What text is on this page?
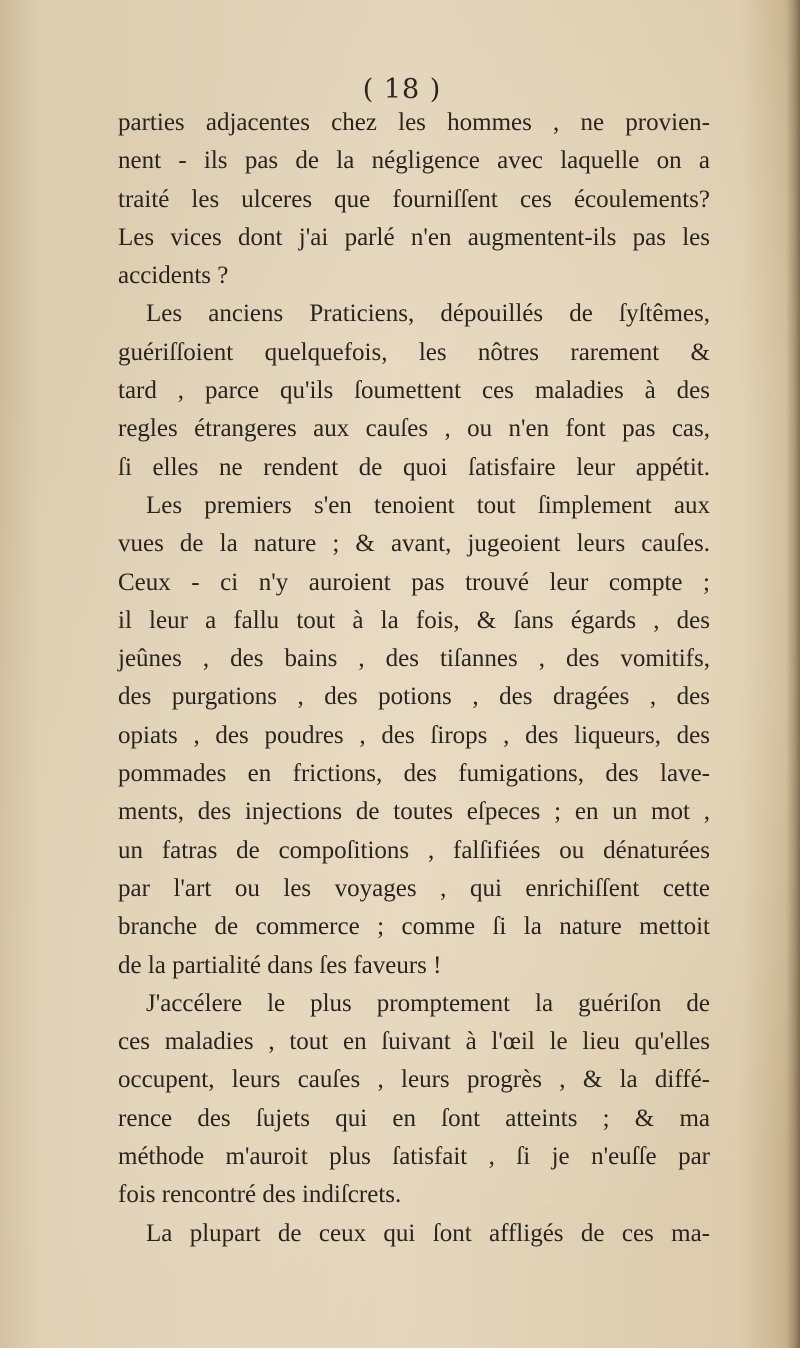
( 18 )
parties adjacentes chez les hommes , ne provien-
nent - ils pas de la négligence avec laquelle on a
traité les ulceres que fourniſſent ces écoulements?
Les vices dont j'ai parlé n'en augmentent-ils pas les
accidents ?
Les anciens Praticiens, dépouillés de ſyſtêmes,
guériſſoient quelquefois, les nôtres rarement &
tard , parce qu'ils ſoumettent ces maladies à des
regles étrangeres aux cauſes , ou n'en font pas cas,
ſi elles ne rendent de quoi ſatisfaire leur appétit.
Les premiers s'en tenoient tout ſimplement aux
vues de la nature ; & avant, jugeoient leurs cauſes.
Ceux - ci n'y auroient pas trouvé leur compte ;
il leur a fallu tout à la fois, & ſans égards , des
jeûnes , des bains , des tiſannes , des vomitifs,
des purgations , des potions , des dragées , des
opiats , des poudres , des ſirops , des liqueurs, des
pommades en frictions, des fumigations, des lave-
ments, des injections de toutes eſpeces ; en un mot ,
un fatras de compoſitions , falſifiées ou dénaturées
par l'art ou les voyages , qui enrichiſſent cette
branche de commerce ; comme ſi la nature mettoit
de la partialité dans ſes faveurs !
J'accélere le plus promptement la guériſon de
ces maladies , tout en ſuivant à l'œil le lieu qu'elles
occupent, leurs cauſes , leurs progrès , & la diffé-
rence des ſujets qui en ſont atteints ; & ma
méthode m'auroit plus ſatisfait , ſi je n'euſſe par
fois rencontré des indiſcrets.
La plupart de ceux qui ſont affligés de ces ma-
